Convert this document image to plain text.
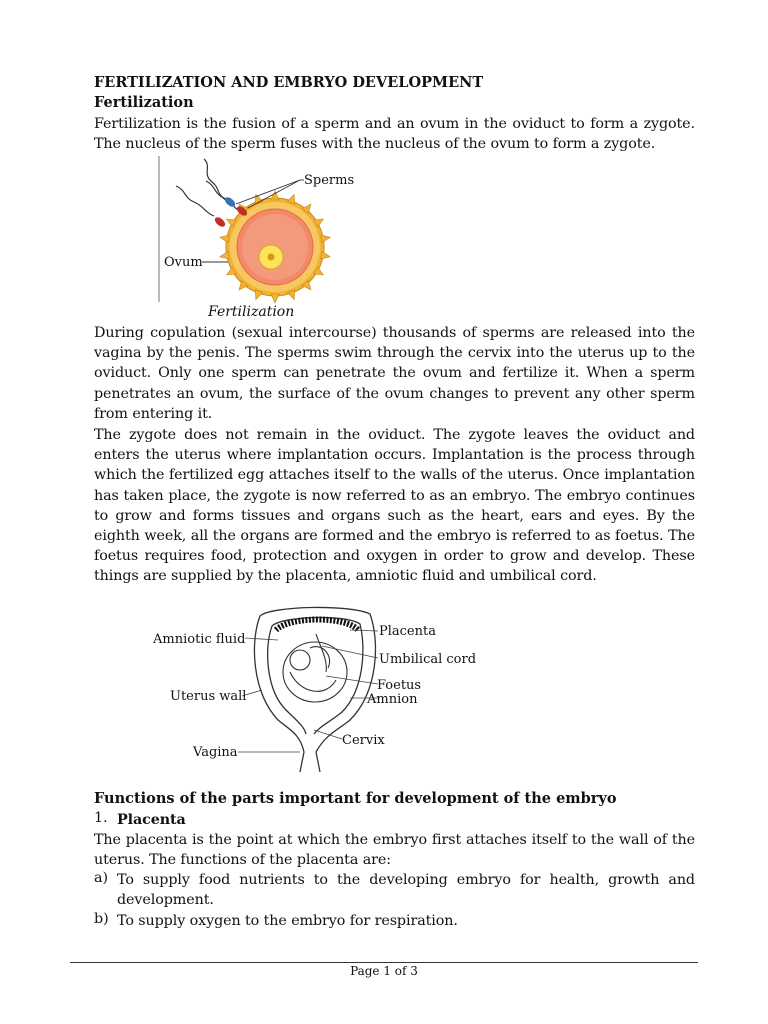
FERTILIZATION AND EMBRYO DEVELOPMENT
Fertilization

Fertilization is the fusion of a sperm and an ovum in the oviduct to form a zygote. The nucleus of the sperm fuses with the nucleus of the ovum to form a zygote.

Sperms
Ovum
Fertilization

During copulation (sexual intercourse) thousands of sperms are released into the vagina by the penis. The sperms swim through the cervix into the uterus up to the oviduct. Only one sperm can penetrate the ovum and fertilize it. When a sperm penetrates an ovum, the surface of the ovum changes to prevent any other sperm from entering it.

The zygote does not remain in the oviduct. The zygote leaves the oviduct and enters the uterus where implantation occurs. Implantation is the process through which the fertilized egg attaches itself to the walls of the uterus. Once implantation has taken place, the zygote is now referred to as an embryo. The embryo continues to grow and forms tissues and organs such as the heart, ears and eyes. By the eighth week, all the organs are formed and the embryo is referred to as foetus. The foetus requires food, protection and oxygen in order to grow and develop. These things are supplied by the placenta, amniotic fluid and umbilical cord.

Amniotic fluid
Placenta
Umbilical cord
Foetus
Amnion
Uterus wall
Cervix
Vagina
Functions of the parts important for development of the embryo
1. Placenta

The placenta is the point at which the embryo first attaches itself to the wall of the uterus. The functions of the placenta are:

a) To supply food nutrients to the developing embryo for health, growth and development.

b) To supply oxygen to the embryo for respiration.

Page 1 of 3
